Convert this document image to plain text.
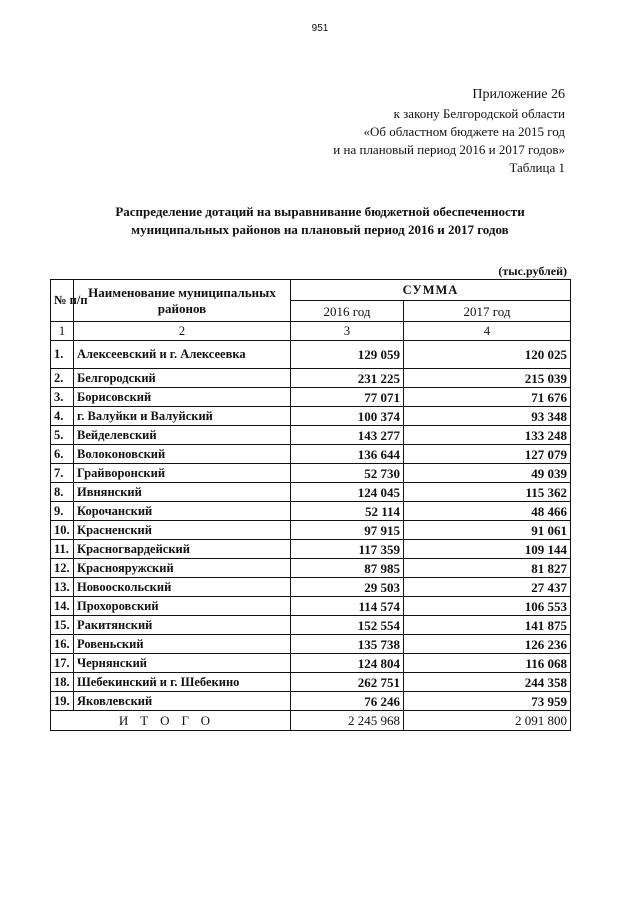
951
Приложение 26
к закону Белгородской области
«Об областном бюджете на 2015 год
и на плановый период 2016 и 2017 годов»
Таблица 1
Распределение дотаций на выравнивание бюджетной обеспеченности
муниципальных районов на плановый период 2016 и 2017 годов
(тыс.рублей)
№ п/п	Наименование муниципальных районов	СУММА	
		2016 год	2017 год
1	2	3	4
1.	Алексеевский и г. Алексеевка	129 059	120 025
2.	Белгородский	231 225	215 039
3.	Борисовский	77 071	71 676
4.	г. Валуйки и Валуйский	100 374	93 348
5.	Вейделевский	143 277	133 248
6.	Волоконовский	136 644	127 079
7.	Грайворонский	52 730	49 039
8.	Ивнянский	124 045	115 362
9.	Корочанский	52 114	48 466
10.	Красненский	97 915	91 061
11.	Красногвардейский	117 359	109 144
12.	Краснояружский	87 985	81 827
13.	Новооскольский	29 503	27 437
14.	Прохоровский	114 574	106 553
15.	Ракитянский	152 554	141 875
16.	Ровеньский	135 738	126 236
17.	Чернянский	124 804	116 068
18.	Шебекинский и г. Шебекино	262 751	244 358
19.	Яковлевский	76 246	73 959
ИТОГО		2 245 968	2 091 800
